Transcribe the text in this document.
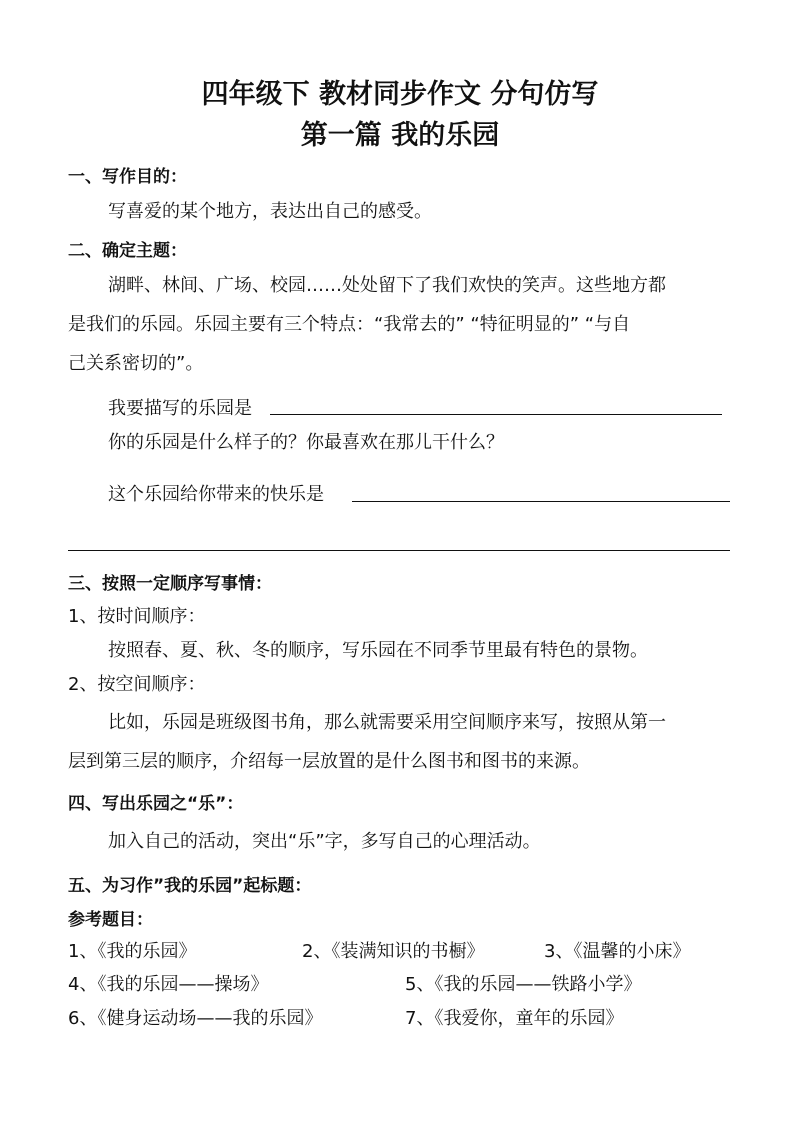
四年级下 教材同步作文 分句仿写
第一篇 我的乐园
一、写作目的：
写喜爱的某个地方，表达出自己的感受。
二、确定主题：
湖畔、林间、广场、校园……处处留下了我们欢快的笑声。这些地方都
是我们的乐园。乐园主要有三个特点：“我常去的” “特征明显的” “与自
己关系密切的”。
我要描写的乐园是
你的乐园是什么样子的？你最喜欢在那儿干什么？
这个乐园给你带来的快乐是
三、按照一定顺序写事情：
1、按时间顺序：
按照春、夏、秋、冬的顺序，写乐园在不同季节里最有特色的景物。
2、按空间顺序：
比如，乐园是班级图书角，那么就需要采用空间顺序来写，按照从第一
层到第三层的顺序，介绍每一层放置的是什么图书和图书的来源。
四、写出乐园之“乐”：
加入自己的活动，突出“乐”字，多写自己的心理活动。
五、为习作”我的乐园”起标题：
参考题目：
1、《我的乐园》	2、《装满知识的书橱》	3、《温馨的小床》
4、《我的乐园——操场》	5、《我的乐园——铁路小学》
6、《健身运动场——我的乐园》	7、《我爱你，童年的乐园》
